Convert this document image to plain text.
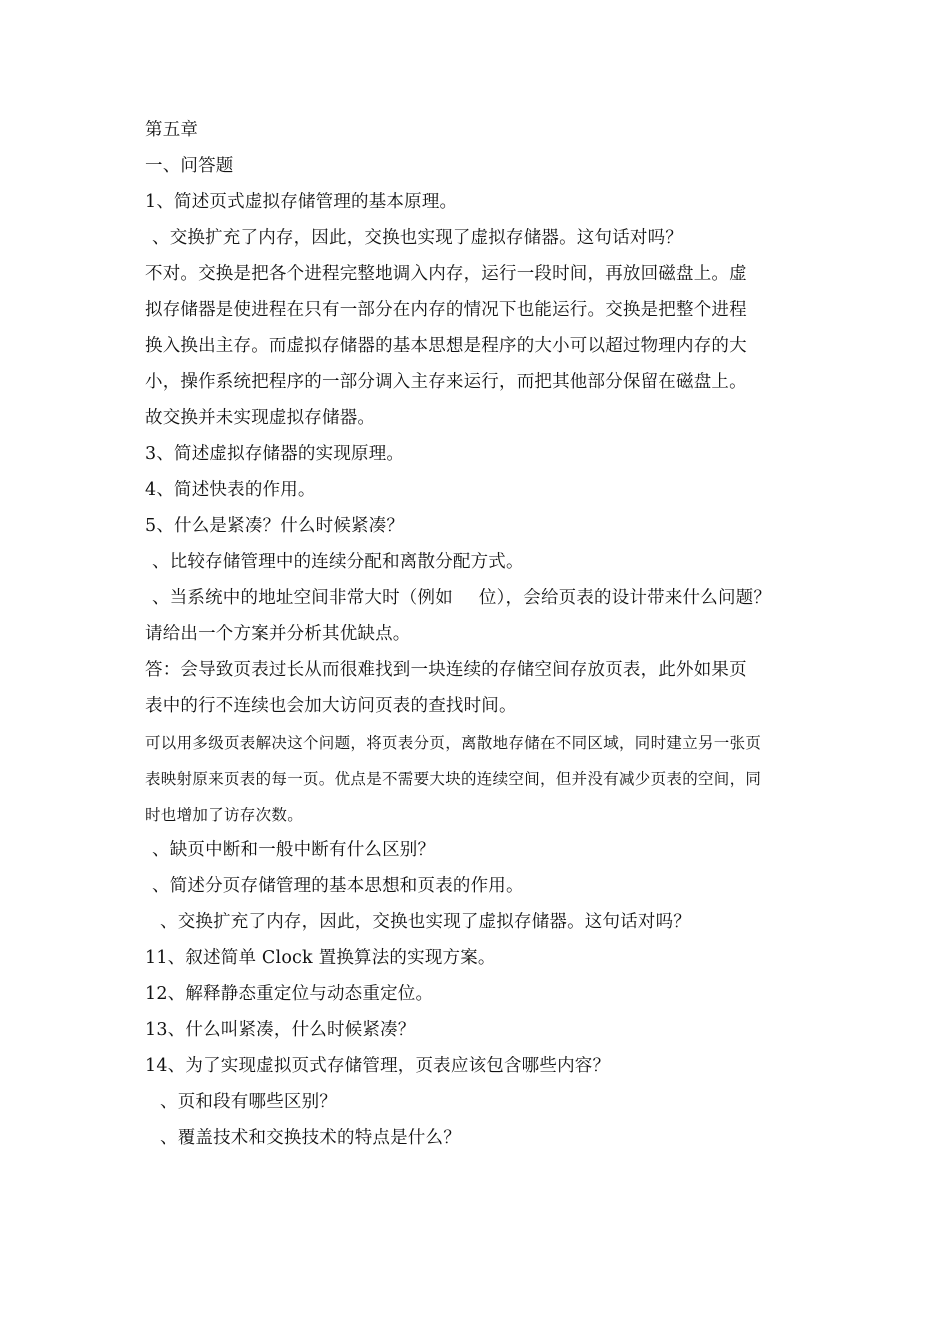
第五章
一、问答题
1、简述页式虚拟存储管理的基本原理。
、交换扩充了内存，因此，交换也实现了虚拟存储器。这句话对吗？
不对。交换是把各个进程完整地调入内存，运行一段时间，再放回磁盘上。虚
拟存储器是使进程在只有一部分在内存的情况下也能运行。交换是把整个进程
换入换出主存。而虚拟存储器的基本思想是程序的大小可以超过物理内存的大
小，操作系统把程序的一部分调入主存来运行，而把其他部分保留在磁盘上。
故交换并未实现虚拟存储器。
3、简述虚拟存储器的实现原理。
4、简述快表的作用。
5、什么是紧凑？什么时候紧凑？
、比较存储管理中的连续分配和离散分配方式。
、当系统中的地址空间非常大时（例如 位），会给页表的设计带来什么问题？
请给出一个方案并分析其优缺点。
答：会导致页表过长从而很难找到一块连续的存储空间存放页表，此外如果页
表中的行不连续也会加大访问页表的查找时间。
可以用多级页表解决这个问题，将页表分页，离散地存储在不同区域，同时建立另一张页
表映射原来页表的每一页。优点是不需要大块的连续空间，但并没有减少页表的空间，同
时也增加了访存次数。
、缺页中断和一般中断有什么区别？
、简述分页存储管理的基本思想和页表的作用。
、交换扩充了内存，因此，交换也实现了虚拟存储器。这句话对吗？
11、叙述简单 Clock 置换算法的实现方案。
12、解释静态重定位与动态重定位。
13、什么叫紧凑，什么时候紧凑？
14、为了实现虚拟页式存储管理，页表应该包含哪些内容？
、页和段有哪些区别？
、覆盖技术和交换技术的特点是什么？
